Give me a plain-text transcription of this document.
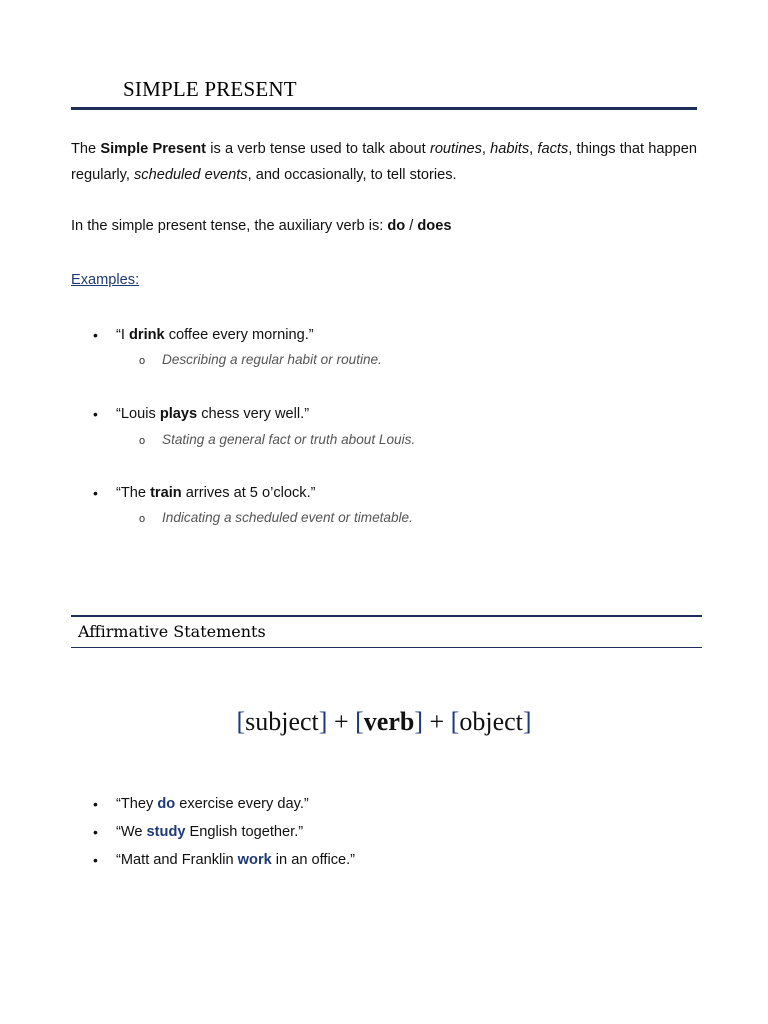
SIMPLE PRESENT

The Simple Present is a verb tense used to talk about routines, habits, facts, things that happen regularly, scheduled events, and occasionally, to tell stories.

In the simple present tense, the auxiliary verb is: do / does
Examples:
• “I drink coffee every morning.”
o Describing a regular habit or routine.
• “Louis plays chess very well.”
o Stating a general fact or truth about Louis.
• “The train arrives at 5 o’clock.”
o Indicating a scheduled event or timetable.
Affirmative Statements
[subject] + [verb] + [object]
• “They do exercise every day.”
• “We study English together.”
• “Matt and Franklin work in an office.”
